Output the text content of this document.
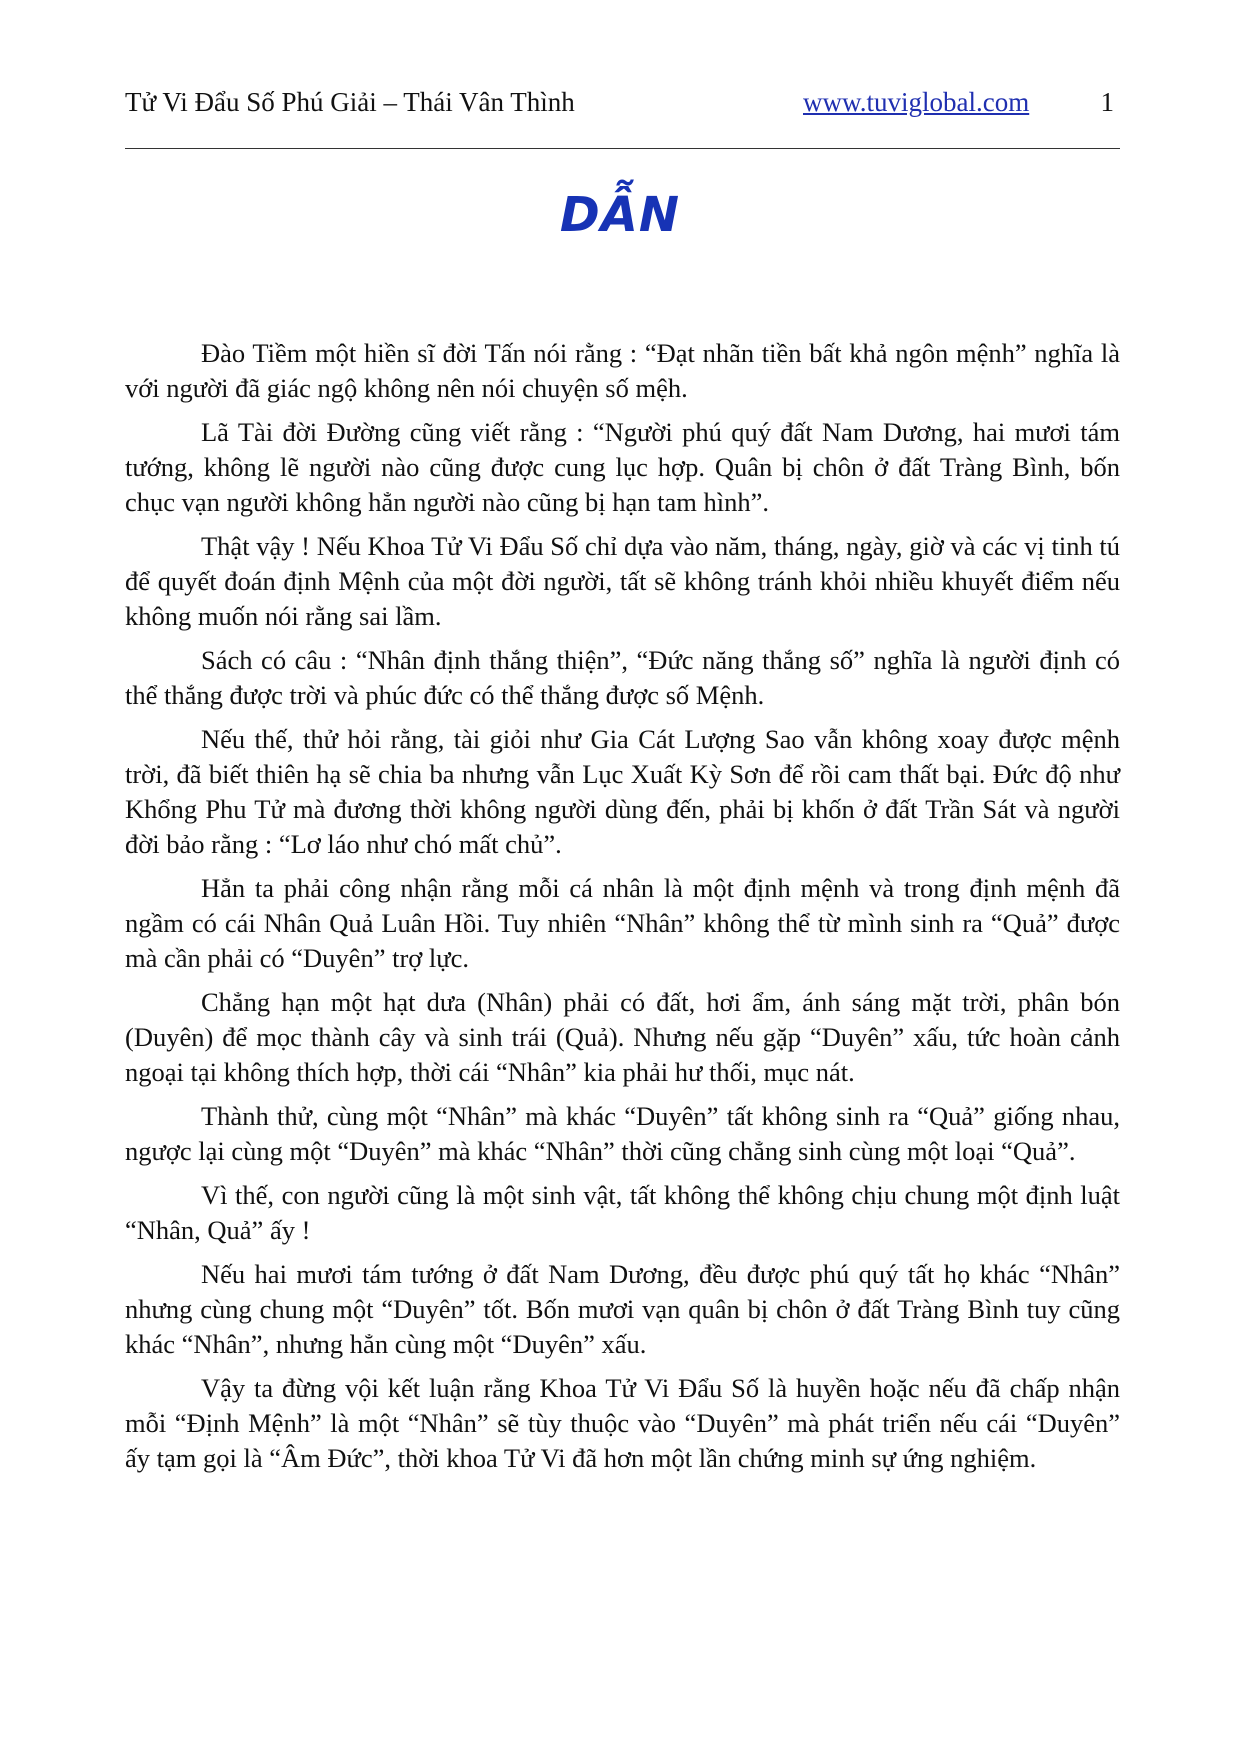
Tử Vi Đẩu Số Phú Giải – Thái Vân Thình	www.tuviglobal.com	1
DẪN

Đào Tiềm một hiền sĩ đời Tấn nói rằng : “Đạt nhãn tiền bất khả ngôn mệnh” nghĩa là với người đã giác ngộ không nên nói chuyện số mệh.

Lã Tài đời Đường cũng viết rằng : “Người phú quý đất Nam Dương, hai mươi tám tướng, không lẽ người nào cũng được cung lục hợp. Quân bị chôn ở đất Tràng Bình, bốn chục vạn người không hẳn người nào cũng bị hạn tam hình”.

Thật vậy ! Nếu Khoa Tử Vi Đẩu Số chỉ dựa vào năm, tháng, ngày, giờ và các vị tinh tú để quyết đoán định Mệnh của một đời người, tất sẽ không tránh khỏi nhiều khuyết điểm nếu không muốn nói rằng sai lầm.

Sách có câu : “Nhân định thắng thiện”, “Đức năng thắng số” nghĩa là người định có thể thắng được trời và phúc đức có thể thắng được số Mệnh.

Nếu thế, thử hỏi rằng, tài giỏi như Gia Cát Lượng Sao vẫn không xoay được mệnh trời, đã biết thiên hạ sẽ chia ba nhưng vẫn Lục Xuất Kỳ Sơn để rồi cam thất bại. Đức độ như Khổng Phu Tử mà đương thời không người dùng đến, phải bị khốn ở đất Trần Sát và người đời bảo rằng : “Lơ láo như chó mất chủ”.

Hẳn ta phải công nhận rằng mỗi cá nhân là một định mệnh và trong định mệnh đã ngầm có cái Nhân Quả Luân Hồi. Tuy nhiên “Nhân” không thể từ mình sinh ra “Quả” được mà cần phải có “Duyên” trợ lực.

Chẳng hạn một hạt dưa (Nhân) phải có đất, hơi ẩm, ánh sáng mặt trời, phân bón (Duyên) để mọc thành cây và sinh trái (Quả). Nhưng nếu gặp “Duyên” xấu, tức hoàn cảnh ngoại tại không thích hợp, thời cái “Nhân” kia phải hư thối, mục nát.

Thành thử, cùng một “Nhân” mà khác “Duyên” tất không sinh ra “Quả” giống nhau, ngược lại cùng một “Duyên” mà khác “Nhân” thời cũng chẳng sinh cùng một loại “Quả”.

Vì thế, con người cũng là một sinh vật, tất không thể không chịu chung một định luật “Nhân, Quả” ấy !

Nếu hai mươi tám tướng ở đất Nam Dương, đều được phú quý tất họ khác “Nhân” nhưng cùng chung một “Duyên” tốt. Bốn mươi vạn quân bị chôn ở đất Tràng Bình tuy cũng khác “Nhân”, nhưng hẳn cùng một “Duyên” xấu.

Vậy ta đừng vội kết luận rằng Khoa Tử Vi Đẩu Số là huyền hoặc nếu đã chấp nhận mỗi “Định Mệnh” là một “Nhân” sẽ tùy thuộc vào “Duyên” mà phát triển nếu cái “Duyên” ấy tạm gọi là “Âm Đức”, thời khoa Tử Vi đã hơn một lần chứng minh sự ứng nghiệm.
